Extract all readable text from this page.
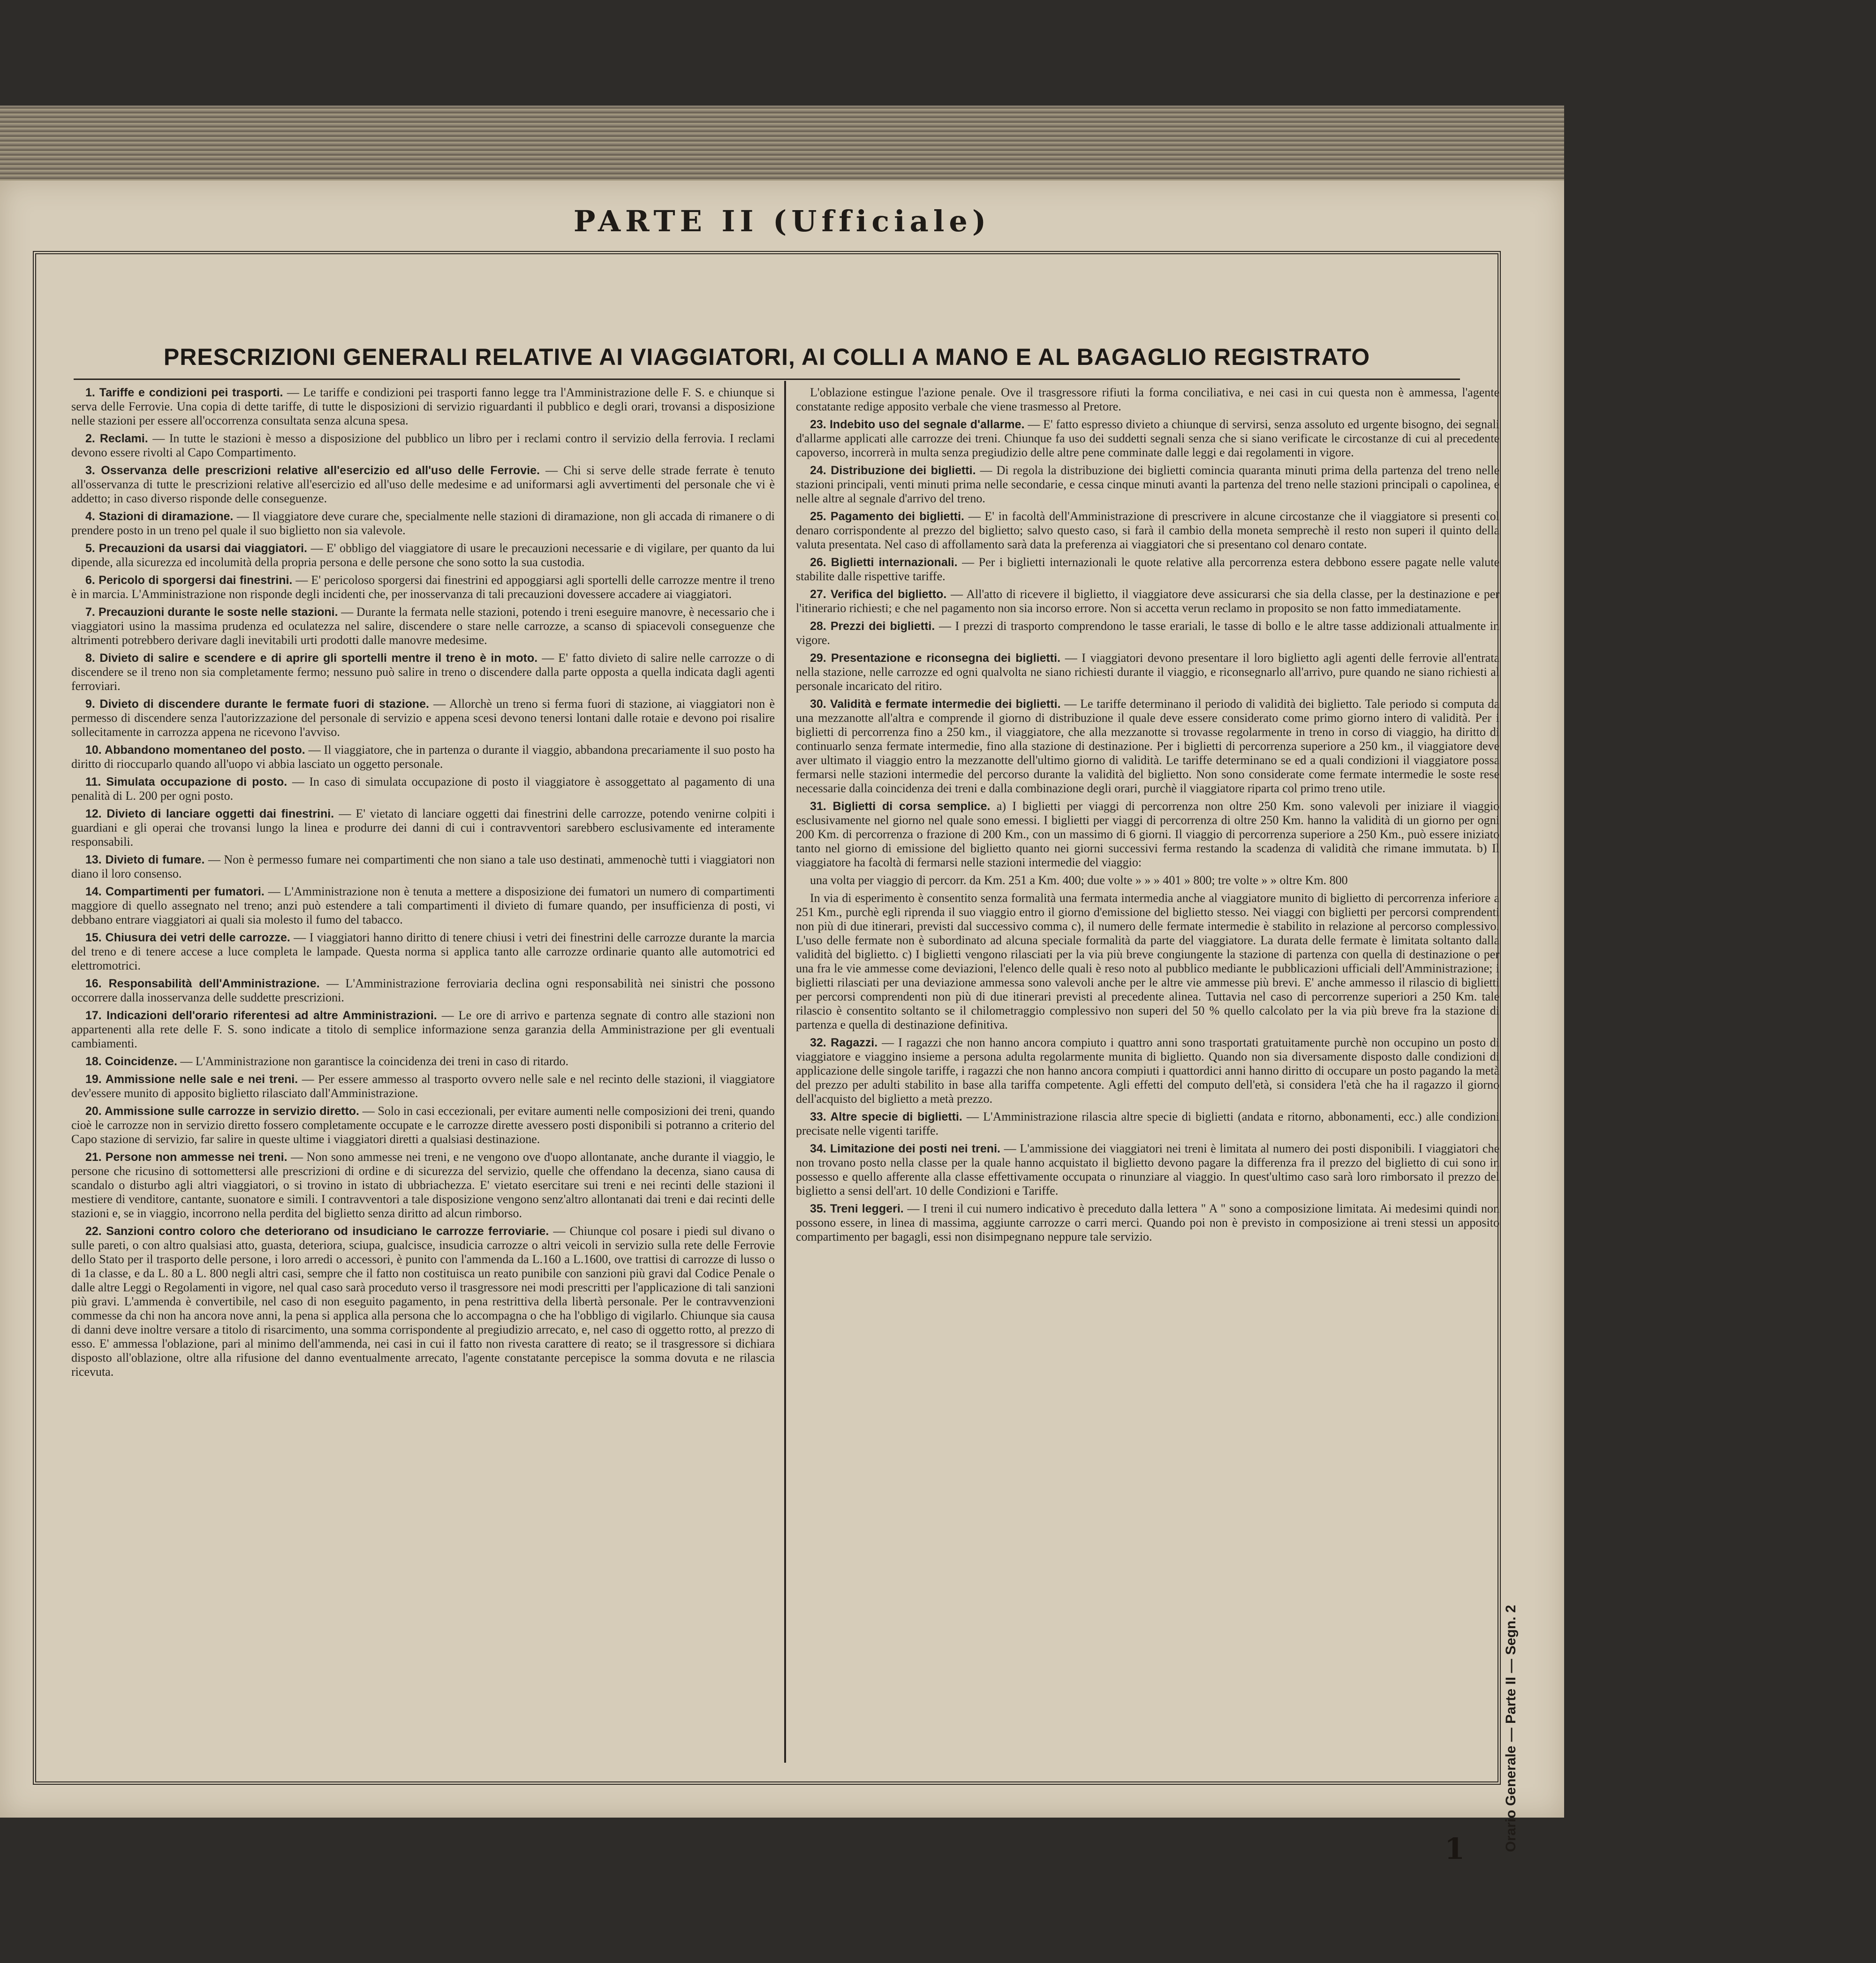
PARTE II (Ufficiale)
PRESCRIZIONI GENERALI RELATIVE AI VIAGGIATORI, AI COLLI A MANO E AL BAGAGLIO REGISTRATO

1. Tariffe e condizioni pei trasporti. — Le tariffe e condizioni pei trasporti fanno legge tra l'Amministrazione delle F. S. e chiunque si serva delle Ferrovie. Una copia di dette tariffe, di tutte le disposizioni di servizio riguardanti il pubblico e degli orari, trovansi a disposizione nelle stazioni per essere all'occorrenza consultata senza alcuna spesa.

2. Reclami. — In tutte le stazioni è messo a disposizione del pubblico un libro per i reclami contro il servizio della ferrovia. I reclami devono essere rivolti al Capo Compartimento.

3. Osservanza delle prescrizioni relative all'esercizio ed all'uso delle Ferrovie. — Chi si serve delle strade ferrate è tenuto all'osservanza di tutte le prescrizioni relative all'esercizio ed all'uso delle medesime e ad uniformarsi agli avvertimenti del personale che vi è addetto; in caso diverso risponde delle conseguenze.

4. Stazioni di diramazione. — Il viaggiatore deve curare che, specialmente nelle stazioni di diramazione, non gli accada di rimanere o di prendere posto in un treno pel quale il suo biglietto non sia valevole.

5. Precauzioni da usarsi dai viaggiatori. — E' obbligo del viaggiatore di usare le precauzioni necessarie e di vigilare, per quanto da lui dipende, alla sicurezza ed incolumità della propria persona e delle persone che sono sotto la sua custodia.

6. Pericolo di sporgersi dai finestrini. — E' pericoloso sporgersi dai finestrini ed appoggiarsi agli sportelli delle carrozze mentre il treno è in marcia. L'Amministrazione non risponde degli incidenti che, per inosservanza di tali precauzioni dovessere accadere ai viaggiatori.

7. Precauzioni durante le soste nelle stazioni. — Durante la fermata nelle stazioni, potendo i treni eseguire manovre, è necessario che i viaggiatori usino la massima prudenza ed oculatezza nel salire, discendere o stare nelle carrozze, a scanso di spiacevoli conseguenze che altrimenti potrebbero derivare dagli inevitabili urti prodotti dalle manovre medesime.

8. Divieto di salire e scendere e di aprire gli sportelli mentre il treno è in moto. — E' fatto divieto di salire nelle carrozze o di discendere se il treno non sia completamente fermo; nessuno può salire in treno o discendere dalla parte opposta a quella indicata dagli agenti ferroviari.

9. Divieto di discendere durante le fermate fuori di stazione. — Allorchè un treno si ferma fuori di stazione, ai viaggiatori non è permesso di discendere senza l'autorizzazione del personale di servizio e appena scesi devono tenersi lontani dalle rotaie e devono poi risalire sollecitamente in carrozza appena ne ricevono l'avviso.

10. Abbandono momentaneo del posto. — Il viaggiatore, che in partenza o durante il viaggio, abbandona precariamente il suo posto ha diritto di rioccuparlo quando all'uopo vi abbia lasciato un oggetto personale.

11. Simulata occupazione di posto. — In caso di simulata occupazione di posto il viaggiatore è assoggettato al pagamento di una penalità di L. 200 per ogni posto.

12. Divieto di lanciare oggetti dai finestrini. — E' vietato di lanciare oggetti dai finestrini delle carrozze, potendo venirne colpiti i guardiani e gli operai che trovansi lungo la linea e produrre dei danni di cui i contravventori sarebbero esclusivamente ed interamente responsabili.

13. Divieto di fumare. — Non è permesso fumare nei compartimenti che non siano a tale uso destinati, ammenochè tutti i viaggiatori non diano il loro consenso.

14. Compartimenti per fumatori. — L'Amministrazione non è tenuta a mettere a disposizione dei fumatori un numero di compartimenti maggiore di quello assegnato nel treno; anzi può estendere a tali compartimenti il divieto di fumare quando, per insufficienza di posti, vi debbano entrare viaggiatori ai quali sia molesto il fumo del tabacco.

15. Chiusura dei vetri delle carrozze. — I viaggiatori hanno diritto di tenere chiusi i vetri dei finestrini delle carrozze durante la marcia del treno e di tenere accese a luce completa le lampade. Questa norma si applica tanto alle carrozze ordinarie quanto alle automotrici ed elettromotrici.

16. Responsabilità dell'Amministrazione. — L'Amministrazione ferroviaria declina ogni responsabilità nei sinistri che possono occorrere dalla inosservanza delle suddette prescrizioni.

17. Indicazioni dell'orario riferentesi ad altre Amministrazioni. — Le ore di arrivo e partenza segnate di contro alle stazioni non appartenenti alla rete delle F. S. sono indicate a titolo di semplice informazione senza garanzia della Amministrazione per gli eventuali cambiamenti.

18. Coincidenze. — L'Amministrazione non garantisce la coincidenza dei treni in caso di ritardo.

19. Ammissione nelle sale e nei treni. — Per essere ammesso al trasporto ovvero nelle sale e nel recinto delle stazioni, il viaggiatore dev'essere munito di apposito biglietto rilasciato dall'Amministrazione.

20. Ammissione sulle carrozze in servizio diretto. — Solo in casi eccezionali, per evitare aumenti nelle composizioni dei treni, quando cioè le carrozze non in servizio diretto fossero completamente occupate e le carrozze dirette avessero posti disponibili si potranno a criterio del Capo stazione di servizio, far salire in queste ultime i viaggiatori diretti a qualsiasi destinazione.

21. Persone non ammesse nei treni. — Non sono ammesse nei treni, e ne vengono ove d'uopo allontanate, anche durante il viaggio, le persone che ricusino di sottomettersi alle prescrizioni di ordine e di sicurezza del servizio, quelle che offendano la decenza, siano causa di scandalo o disturbo agli altri viaggiatori, o si trovino in istato di ubbriachezza. E' vietato esercitare sui treni e nei recinti delle stazioni il mestiere di venditore, cantante, suonatore e simili. I contravventori a tale disposizione vengono senz'altro allontanati dai treni e dai recinti delle stazioni e, se in viaggio, incorrono nella perdita del biglietto senza diritto ad alcun rimborso.

22. Sanzioni contro coloro che deteriorano od insudiciano le carrozze ferroviarie. — Chiunque col posare i piedi sul divano o sulle pareti, o con altro qualsiasi atto, guasta, deteriora, sciupa, gualcisce, insudicia carrozze o altri veicoli in servizio sulla rete delle Ferrovie dello Stato per il trasporto delle persone, i loro arredi o accessori, è punito con l'ammenda da L.160 a L.1600, ove trattisi di carrozze di lusso o di 1a classe, e da L. 80 a L. 800 negli altri casi, sempre che il fatto non costituisca un reato punibile con sanzioni più gravi dal Codice Penale o dalle altre Leggi o Regolamenti in vigore, nel qual caso sarà proceduto verso il trasgressore nei modi prescritti per l'applicazione di tali sanzioni più gravi. L'ammenda è convertibile, nel caso di non eseguito pagamento, in pena restrittiva della libertà personale. Per le contravvenzioni commesse da chi non ha ancora nove anni, la pena si applica alla persona che lo accompagna o che ha l'obbligo di vigilarlo. Chiunque sia causa di danni deve inoltre versare a titolo di risarcimento, una somma corrispondente al pregiudizio arrecato, e, nel caso di oggetto rotto, al prezzo di esso. E' ammessa l'oblazione, pari al minimo dell'ammenda, nei casi in cui il fatto non rivesta carattere di reato; se il trasgressore si dichiara disposto all'oblazione, oltre alla rifusione del danno eventualmente arrecato, l'agente constatante percepisce la somma dovuta e ne rilascia ricevuta.

L'oblazione estingue l'azione penale. Ove il trasgressore rifiuti la forma conciliativa, e nei casi in cui questa non è ammessa, l'agente constatante redige apposito verbale che viene trasmesso al Pretore.

23. Indebito uso del segnale d'allarme. — E' fatto espresso divieto a chiunque di servirsi, senza assoluto ed urgente bisogno, dei segnali d'allarme applicati alle carrozze dei treni. Chiunque fa uso dei suddetti segnali senza che si siano verificate le circostanze di cui al precedente capoverso, incorrerà in multa senza pregiudizio delle altre pene comminate dalle leggi e dai regolamenti in vigore.

24. Distribuzione dei biglietti. — Di regola la distribuzione dei biglietti comincia quaranta minuti prima della partenza del treno nelle stazioni principali, venti minuti prima nelle secondarie, e cessa cinque minuti avanti la partenza del treno nelle stazioni principali o capolinea, e nelle altre al segnale d'arrivo del treno.

25. Pagamento dei biglietti. — E' in facoltà dell'Amministrazione di prescrivere in alcune circostanze che il viaggiatore si presenti col denaro corrispondente al prezzo del biglietto; salvo questo caso, si farà il cambio della moneta semprechè il resto non superi il quinto della valuta presentata. Nel caso di affollamento sarà data la preferenza ai viaggiatori che si presentano col denaro contate.

26. Biglietti internazionali. — Per i biglietti internazionali le quote relative alla percorrenza estera debbono essere pagate nelle valute stabilite dalle rispettive tariffe.

27. Verifica del biglietto. — All'atto di ricevere il biglietto, il viaggiatore deve assicurarsi che sia della classe, per la destinazione e per l'itinerario richiesti; e che nel pagamento non sia incorso errore. Non si accetta verun reclamo in proposito se non fatto immediatamente.

28. Prezzi dei biglietti. — I prezzi di trasporto comprendono le tasse erariali, le tasse di bollo e le altre tasse addizionali attualmente in vigore.

29. Presentazione e riconsegna dei biglietti. — I viaggiatori devono presentare il loro biglietto agli agenti delle ferrovie all'entrata nella stazione, nelle carrozze ed ogni qualvolta ne siano richiesti durante il viaggio, e riconsegnarlo all'arrivo, pure quando ne siano richiesti al personale incaricato del ritiro.

30. Validità e fermate intermedie dei biglietti. — Le tariffe determinano il periodo di validità dei biglietto. Tale periodo si computa da una mezzanotte all'altra e comprende il giorno di distribuzione il quale deve essere considerato come primo giorno intero di validità. Per i biglietti di percorrenza fino a 250 km., il viaggiatore, che alla mezzanotte si trovasse regolarmente in treno in corso di viaggio, ha diritto di continuarlo senza fermate intermedie, fino alla stazione di destinazione. Per i biglietti di percorrenza superiore a 250 km., il viaggiatore deve aver ultimato il viaggio entro la mezzanotte dell'ultimo giorno di validità. Le tariffe determinano se ed a quali condizioni il viaggiatore possa fermarsi nelle stazioni intermedie del percorso durante la validità del biglietto. Non sono considerate come fermate intermedie le soste rese necessarie dalla coincidenza dei treni e dalla combinazione degli orari, purchè il viaggiatore riparta col primo treno utile.

31. Biglietti di corsa semplice. a) I biglietti per viaggi di percorrenza non oltre 250 Km. sono valevoli per iniziare il viaggio esclusivamente nel giorno nel quale sono emessi. I biglietti per viaggi di percorrenza di oltre 250 Km. hanno la validità di un giorno per ogni 200 Km. di percorrenza o frazione di 200 Km., con un massimo di 6 giorni. Il viaggio di percorrenza superiore a 250 Km., può essere iniziato tanto nel giorno di emissione del biglietto quanto nei giorni successivi ferma restando la scadenza di validità che rimane immutata. b) Il viaggiatore ha facoltà di fermarsi nelle stazioni intermedie del viaggio:

una volta per viaggio di percorr. da Km. 251 a Km. 400; due volte » » » 401 » 800; tre volte » » oltre Km. 800

In via di esperimento è consentito senza formalità una fermata intermedia anche al viaggiatore munito di biglietto di percorrenza inferiore a 251 Km., purchè egli riprenda il suo viaggio entro il giorno d'emissione del biglietto stesso. Nei viaggi con biglietti per percorsi comprendenti non più di due itinerari, previsti dal successivo comma c), il numero delle fermate intermedie è stabilito in relazione al percorso complessivo. L'uso delle fermate non è subordinato ad alcuna speciale formalità da parte del viaggiatore. La durata delle fermate è limitata soltanto dalla validità del biglietto. c) I biglietti vengono rilasciati per la via più breve congiungente la stazione di partenza con quella di destinazione o per una fra le vie ammesse come deviazioni, l'elenco delle quali è reso noto al pubblico mediante le pubblicazioni ufficiali dell'Amministrazione; i biglietti rilasciati per una deviazione ammessa sono valevoli anche per le altre vie ammesse più brevi. E' anche ammesso il rilascio di biglietti per percorsi comprendenti non più di due itinerari previsti al precedente alinea. Tuttavia nel caso di percorrenze superiori a 250 Km. tale rilascio è consentito soltanto se il chilometraggio complessivo non superi del 50 % quello calcolato per la via più breve fra la stazione di partenza e quella di destinazione definitiva.

32. Ragazzi. — I ragazzi che non hanno ancora compiuto i quattro anni sono trasportati gratuitamente purchè non occupino un posto di viaggiatore e viaggino insieme a persona adulta regolarmente munita di biglietto. Quando non sia diversamente disposto dalle condizioni di applicazione delle singole tariffe, i ragazzi che non hanno ancora compiuti i quattordici anni hanno diritto di occupare un posto pagando la metà del prezzo per adulti stabilito in base alla tariffa competente. Agli effetti del computo dell'età, si considera l'età che ha il ragazzo il giorno dell'acquisto del biglietto a metà prezzo.

33. Altre specie di biglietti. — L'Amministrazione rilascia altre specie di biglietti (andata e ritorno, abbonamenti, ecc.) alle condizioni precisate nelle vigenti tariffe.

34. Limitazione dei posti nei treni. — L'ammissione dei viaggiatori nei treni è limitata al numero dei posti disponibili. I viaggiatori che non trovano posto nella classe per la quale hanno acquistato il biglietto devono pagare la differenza fra il prezzo del biglietto di cui sono in possesso e quello afferente alla classe effettivamente occupata o rinunziare al viaggio. In quest'ultimo caso sarà loro rimborsato il prezzo del biglietto a sensi dell'art. 10 delle Condizioni e Tariffe.

35. Treni leggeri. — I treni il cui numero indicativo è preceduto dalla lettera " A " sono a composizione limitata. Ai medesimi quindi non possono essere, in linea di massima, aggiunte carrozze o carri merci. Quando poi non è previsto in composizione ai treni stessi un apposito compartimento per bagagli, essi non disimpegnano neppure tale servizio.

Orario Generale — Parte II — Segn. 2
1
